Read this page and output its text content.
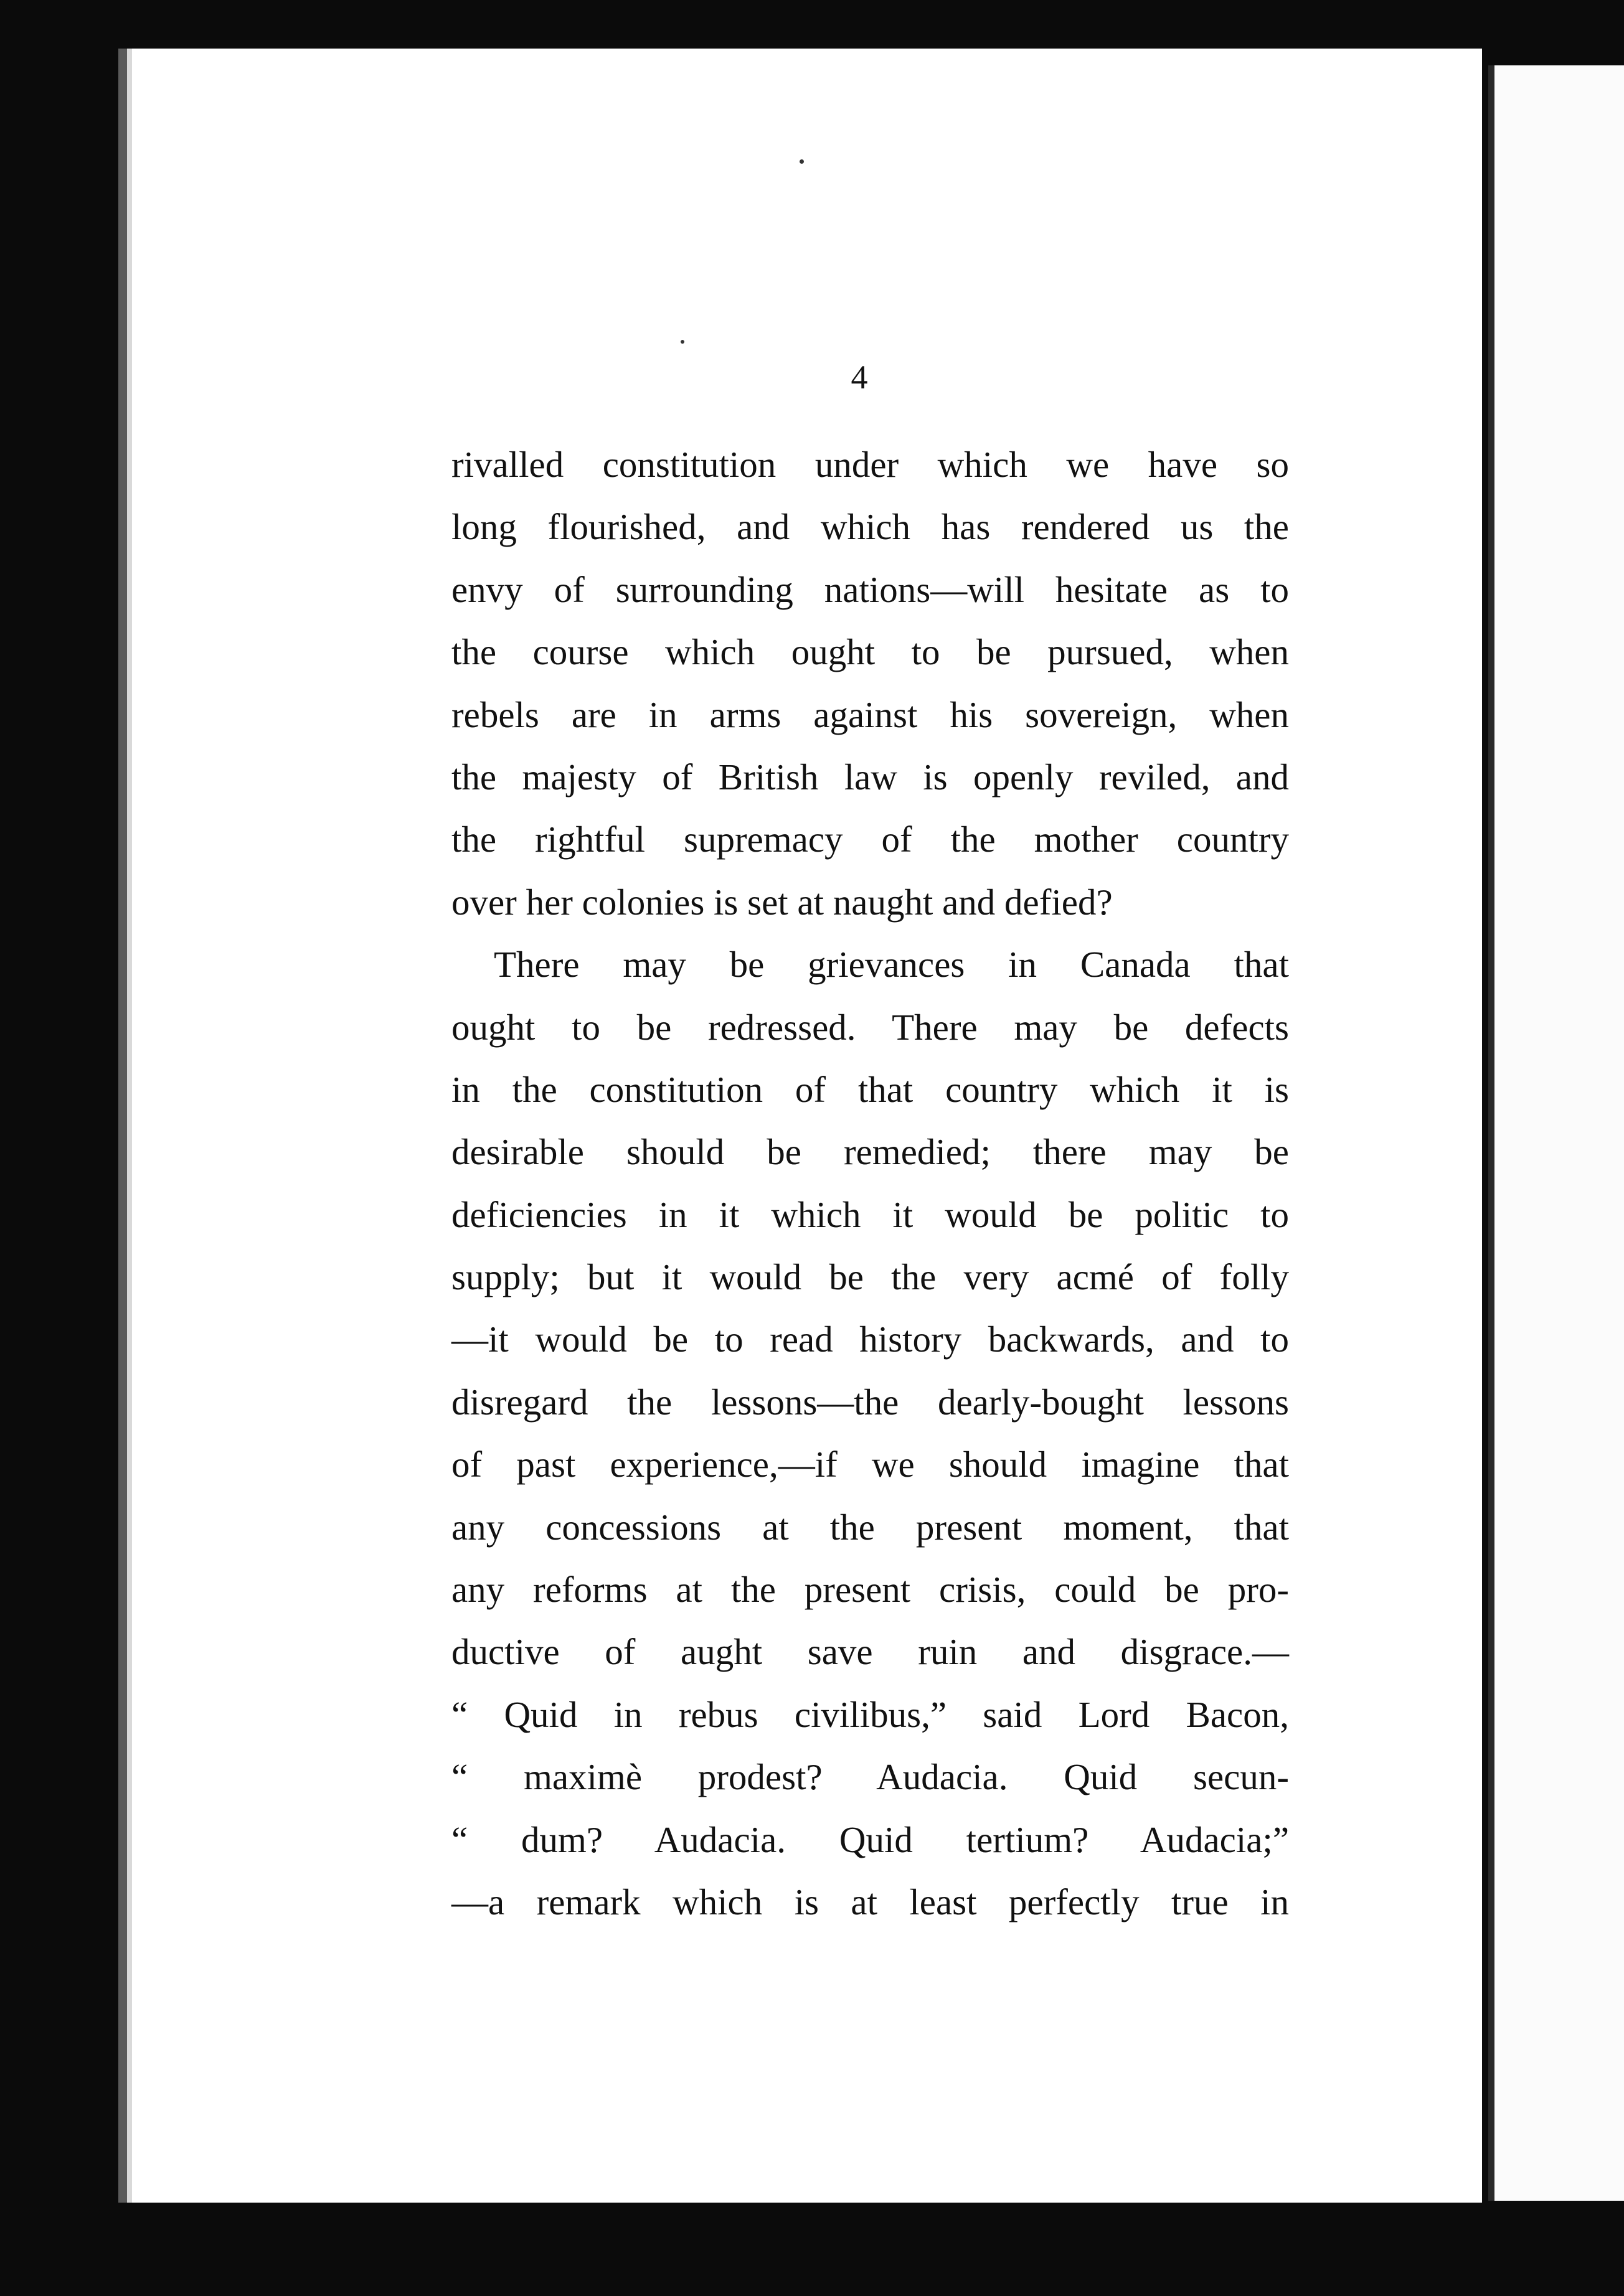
4
rivalled constitution under which we have so
long flourished, and which has rendered us the
envy of surrounding nations—will hesitate as to
the course which ought to be pursued, when
rebels are in arms against his sovereign, when
the majesty of British law is openly reviled, and
the rightful supremacy of the mother country
over her colonies is set at naught and defied?
There may be grievances in Canada that
ought to be redressed. There may be defects
in the constitution of that country which it is
desirable should be remedied; there may be
deficiencies in it which it would be politic to
supply; but it would be the very acmé of folly
—it would be to read history backwards, and to
disregard the lessons—the dearly-bought lessons
of past experience,—if we should imagine that
any concessions at the present moment, that
any reforms at the present crisis, could be pro-
ductive of aught save ruin and disgrace.—
“ Quid in rebus civilibus,” said Lord Bacon,
“ maximè prodest? Audacia. Quid secun-
“ dum? Audacia. Quid tertium? Audacia;”
—a remark which is at least perfectly true in
